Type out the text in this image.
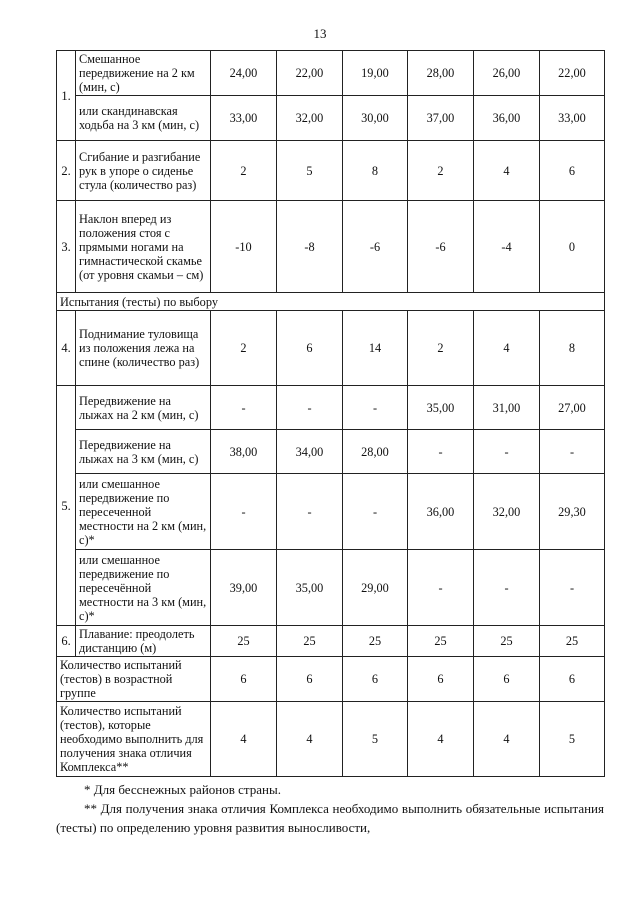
13
1.	Смешанное передвижение на 2 км (мин, с)	24,00	22,00	19,00	28,00	26,00	22,00
	или скандинавская ходьба на 3 км (мин, с)	33,00	32,00	30,00	37,00	36,00	33,00
2.	Сгибание и разгибание рук в упоре о сиденье стула (количество раз)	2	5	8	2	4	6
3.	Наклон вперед из положения стоя с прямыми ногами на гимнастической скамье (от уровня скамьи – см)	-10	-8	-6	-6	-4	0
Испытания (тесты) по выбору							
4.	Поднимание туловища из положения лежа на спине (количество раз)	2	6	14	2	4	8
5.	Передвижение на лыжах на 2 км (мин, с)	-	-	-	35,00	31,00	27,00
	Передвижение на лыжах на 3 км (мин, с)	38,00	34,00	28,00	-	-	-
	или смешанное передвижение по пересеченной местности на 2 км (мин, с)*	-	-	-	36,00	32,00	29,30
	или смешанное передвижение по пересечённой местности на 3 км (мин, с)*	39,00	35,00	29,00	-	-	-
6.	Плавание: преодолеть дистанцию (м)	25	25	25	25	25	25
Количество испытаний (тестов) в возрастной группе		6	6	6	6	6	6
Количество испытаний (тестов), которые необходимо выполнить для получения знака отличия Комплекса**		4	4	5	4	4	5
* Для бесснежных районов страны.
** Для получения знака отличия Комплекса необходимо выполнить обязательные испытания (тесты) по определению уровня развития выносливости,
